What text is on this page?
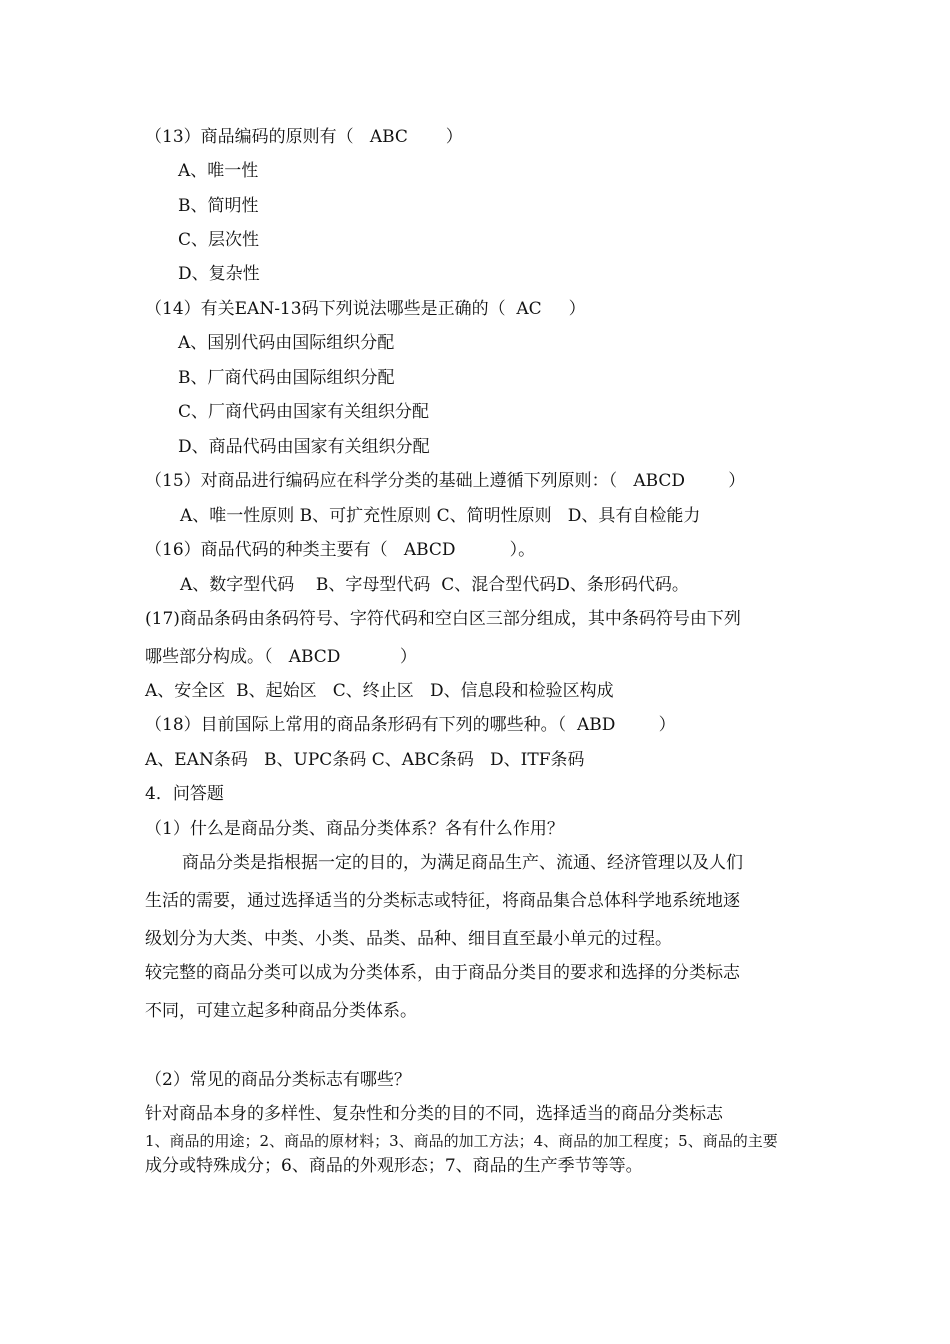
（13）商品编码的原则有（   ABC       ）
A、唯一性
B、简明性
C、层次性
D、复杂性
（14）有关EAN-13码下列说法哪些是正确的（  AC     ）
A、国别代码由国际组织分配
B、厂商代码由国际组织分配
C、厂商代码由国家有关组织分配
D、商品代码由国家有关组织分配
（15）对商品进行编码应在科学分类的基础上遵循下列原则：（   ABCD        ）
A、唯一性原则 B、可扩充性原则 C、简明性原则   D、具有自检能力
（16）商品代码的种类主要有（   ABCD          ）。
A、数字型代码    B、字母型代码  C、混合型代码D、条形码代码。
(17)商品条码由条码符号、字符代码和空白区三部分组成，其中条码符号由下列
哪些部分构成。（   ABCD           ）
A、安全区  B、起始区   C、终止区   D、信息段和检验区构成
（18）目前国际上常用的商品条形码有下列的哪些种。（  ABD        ）
A、EAN条码   B、UPC条码 C、ABC条码   D、ITF条码
4．问答题
（1）什么是商品分类、商品分类体系？各有什么作用？
商品分类是指根据一定的目的，为满足商品生产、流通、经济管理以及人们
生活的需要，通过选择适当的分类标志或特征，将商品集合总体科学地系统地逐
级划分为大类、中类、小类、品类、品种、细目直至最小单元的过程。
较完整的商品分类可以成为分类体系，由于商品分类目的要求和选择的分类标志
不同，可建立起多种商品分类体系。
（2）常见的商品分类标志有哪些？
针对商品本身的多样性、复杂性和分类的目的不同，选择适当的商品分类标志
1、商品的用途；2、商品的原材料；3、商品的加工方法；4、商品的加工程度；5、商品的主要
成分或特殊成分；6、商品的外观形态；7、商品的生产季节等等。
